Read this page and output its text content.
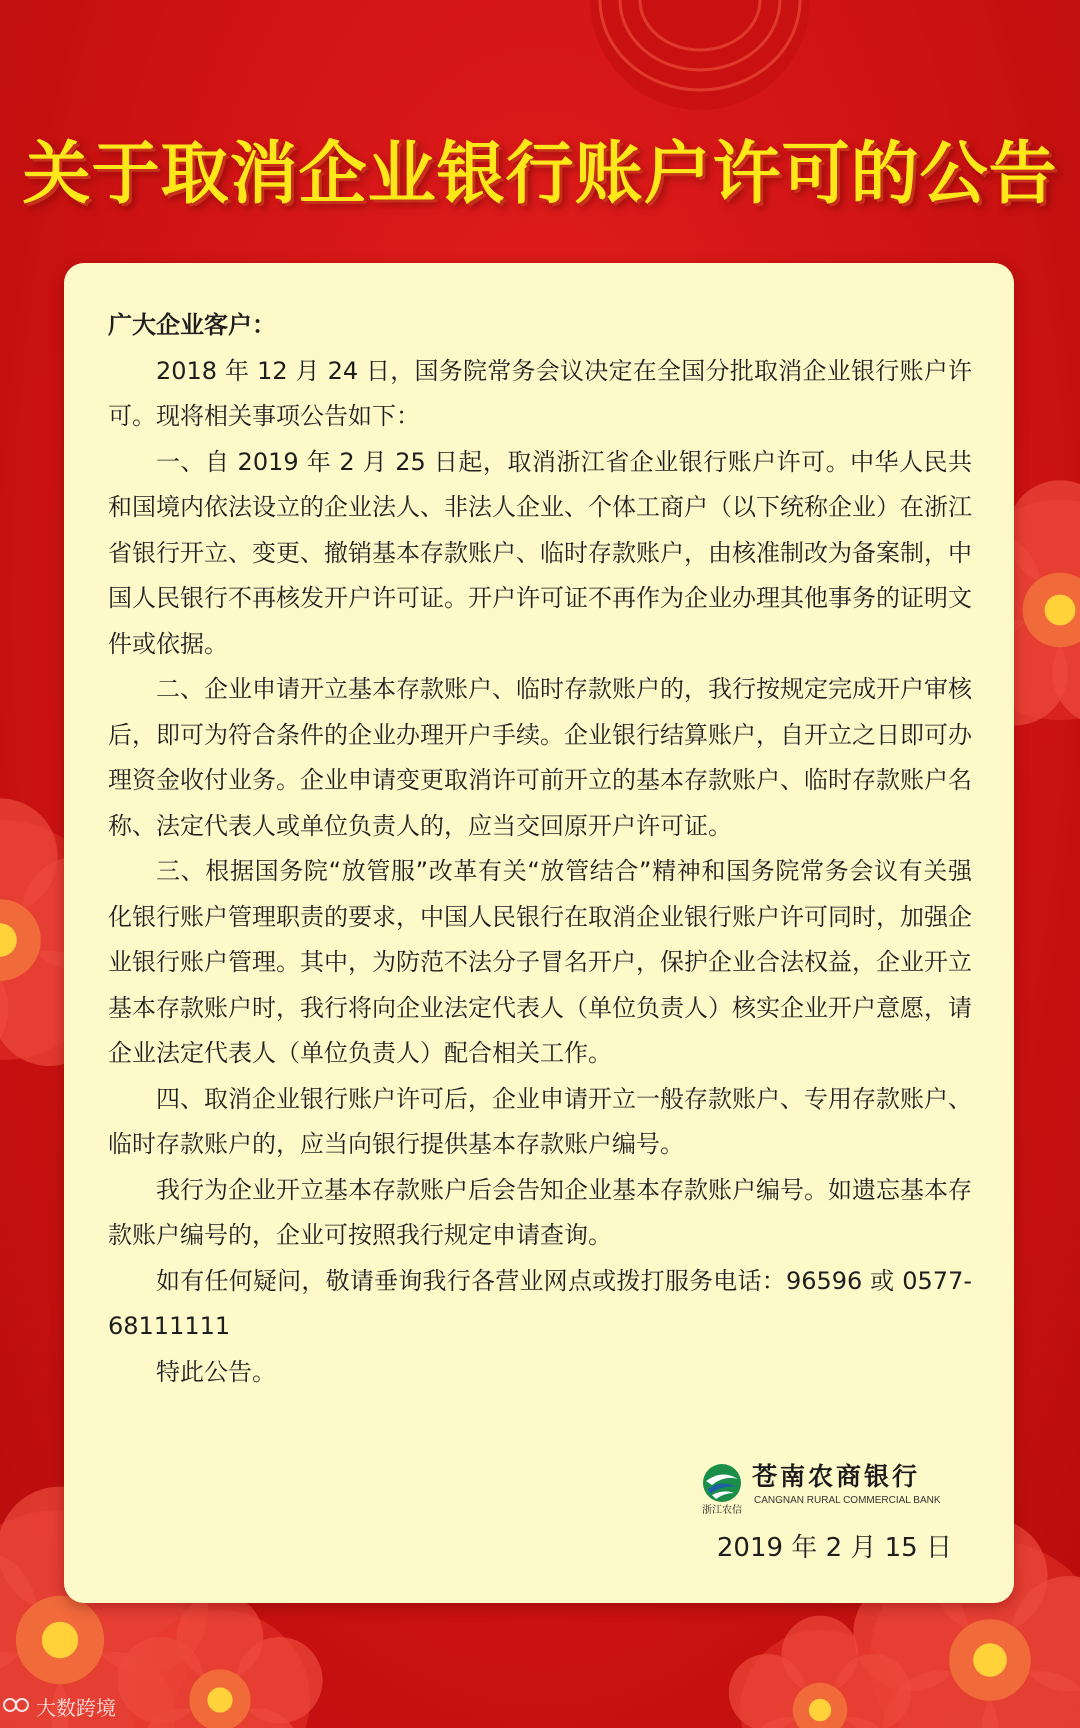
关于取消企业银行账户许可的公告

广大企业客户：

2018 年 12 月 24 日，国务院常务会议决定在全国分批取消企业银行账户许可。现将相关事项公告如下：

一、自 2019 年 2 月 25 日起，取消浙江省企业银行账户许可。中华人民共和国境内依法设立的企业法人、非法人企业、个体工商户（以下统称企业）在浙江省银行开立、变更、撤销基本存款账户、临时存款账户，由核准制改为备案制，中国人民银行不再核发开户许可证。开户许可证不再作为企业办理其他事务的证明文件或依据。

二、企业申请开立基本存款账户、临时存款账户的，我行按规定完成开户审核后，即可为符合条件的企业办理开户手续。企业银行结算账户，自开立之日即可办理资金收付业务。企业申请变更取消许可前开立的基本存款账户、临时存款账户名称、法定代表人或单位负责人的，应当交回原开户许可证。

三、根据国务院“放管服”改革有关“放管结合”精神和国务院常务会议有关强化银行账户管理职责的要求，中国人民银行在取消企业银行账户许可同时，加强企业银行账户管理。其中，为防范不法分子冒名开户，保护企业合法权益，企业开立基本存款账户时，我行将向企业法定代表人（单位负责人）核实企业开户意愿，请企业法定代表人（单位负责人）配合相关工作。

四、取消企业银行账户许可后，企业申请开立一般存款账户、专用存款账户、临时存款账户的，应当向银行提供基本存款账户编号。

我行为企业开立基本存款账户后会告知企业基本存款账户编号。如遗忘基本存款账户编号的，企业可按照我行规定申请查询。

如有任何疑问，敬请垂询我行各营业网点或拨打服务电话：96596 或 0577-68111111

特此公告。

浙江农信
苍南农商银行
CANGNAN RURAL COMMERCIAL BANK
2019 年 2 月 15 日
大数跨境
